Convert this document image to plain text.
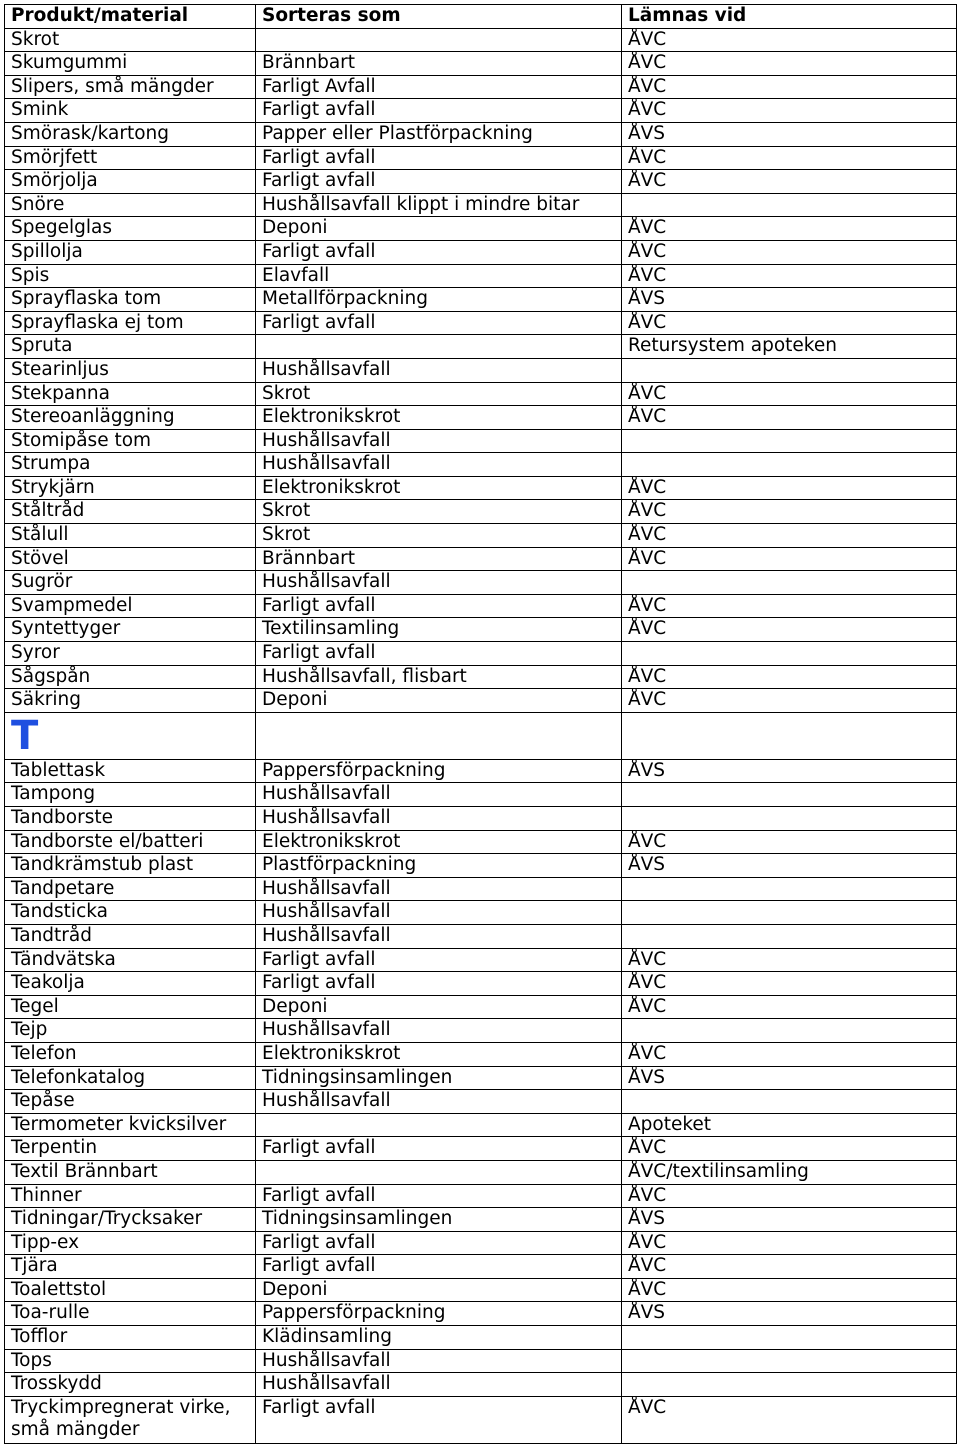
Produkt/material	Sorteras som	Lämnas vid
Skrot		ÅVC
Skumgummi	Brännbart	ÅVC
Slipers, små mängder	Farligt Avfall	ÅVC
Smink	Farligt avfall	ÅVC
Smörask/kartong	Papper eller Plastförpackning	ÅVS
Smörjfett	Farligt avfall	ÅVC
Smörjolja	Farligt avfall	ÅVC
Snöre	Hushållsavfall klippt i mindre bitar	
Spegelglas	Deponi	ÅVC
Spillolja	Farligt avfall	ÅVC
Spis	Elavfall	ÅVC
Sprayflaska tom	Metallförpackning	ÅVS
Sprayflaska ej tom	Farligt avfall	ÅVC
Spruta		Retursystem apoteken
Stearinljus	Hushållsavfall	
Stekpanna	Skrot	ÅVC
Stereoanläggning	Elektronikskrot	ÅVC
Stomipåse tom	Hushållsavfall	
Strumpa	Hushållsavfall	
Strykjärn	Elektronikskrot	ÅVC
Ståltråd	Skrot	ÅVC
Stålull	Skrot	ÅVC
Stövel	Brännbart	ÅVC
Sugrör	Hushållsavfall	
Svampmedel	Farligt avfall	ÅVC
Syntettyger	Textilinsamling	ÅVC
Syror	Farligt avfall	
Sågspån	Hushållsavfall, flisbart	ÅVC
Säkring	Deponi	ÅVC
T		
Tablettask	Pappersförpackning	ÅVS
Tampong	Hushållsavfall	
Tandborste	Hushållsavfall	
Tandborste el/batteri	Elektronikskrot	ÅVC
Tandkrämstub plast	Plastförpackning	ÅVS
Tandpetare	Hushållsavfall	
Tandsticka	Hushållsavfall	
Tandtråd	Hushållsavfall	
Tändvätska	Farligt avfall	ÅVC
Teakolja	Farligt avfall	ÅVC
Tegel	Deponi	ÅVC
Tejp	Hushållsavfall	
Telefon	Elektronikskrot	ÅVC
Telefonkatalog	Tidningsinsamlingen	ÅVS
Tepåse	Hushållsavfall	
Termometer kvicksilver		Apoteket
Terpentin	Farligt avfall	ÅVC
Textil Brännbart		ÅVC/textilinsamling
Thinner	Farligt avfall	ÅVC
Tidningar/Trycksaker	Tidningsinsamlingen	ÅVS
Tipp-ex	Farligt avfall	ÅVC
Tjära	Farligt avfall	ÅVC
Toalettstol	Deponi	ÅVC
Toa-rulle	Pappersförpackning	ÅVS
Tofflor	Klädinsamling	
Tops	Hushållsavfall	
Trosskydd	Hushållsavfall	
Tryckimpregnerat virke, små mängder	Farligt avfall	ÅVC
